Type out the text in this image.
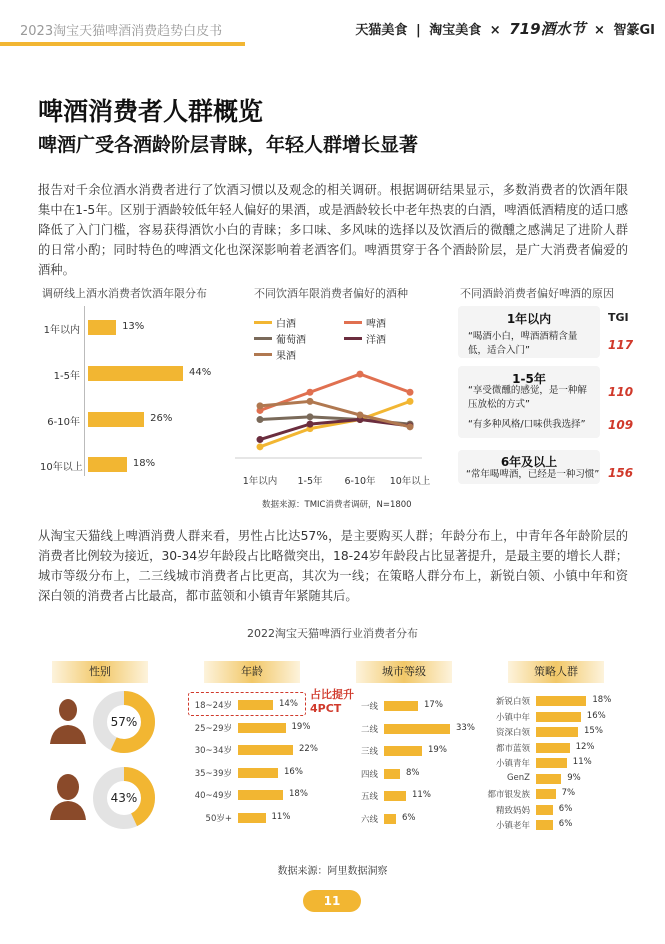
2023淘宝天猫啤酒消费趋势白皮书	天猫美食 | 淘宝美食 × 719酒水节 × 智篆GI
啤酒消费者人群概览
啤酒广受各酒龄阶层青睐，年轻人群增长显著
报告对千余位酒水消费者进行了饮酒习惯以及观念的相关调研。根据调研结果显示，多数消费者的饮酒年限集中在1-5年。区别于酒龄较低年轻人偏好的果酒，或是酒龄较长中老年热衷的白酒，啤酒低酒精度的适口感降低了入门门槛，容易获得酒饮小白的青睐；多口味、多风味的选择以及饮酒后的微醺之感满足了进阶人群的日常小酌；同时特色的啤酒文化也深深影响着老酒客们。啤酒贯穿于各个酒龄阶层，是广大消费者偏爱的酒种。
调研线上酒水消费者饮酒年限分布
1年以内	13%
1-5年	44%
6-10年	26%
10年以上	18%
不同饮酒年限消费者偏好的酒种
白酒	啤酒
葡萄酒	洋酒
果酒
1年以内 1-5年 6-10年 10年以上
数据来源：TMIC消费者调研，N=1800
不同酒龄消费者偏好啤酒的原因
TGI
1年以内
“喝酒小白，啤酒酒精含量低，适合入门”	117
1-5年
“享受微醺的感觉，是一种解压放松的方式”
“有多种风格/口味供我选择”
110
109
6年及以上
“常年喝啤酒，已经是一种习惯” 156
从淘宝天猫线上啤酒消费人群来看，男性占比达57%，是主要购买人群；年龄分布上，中青年各年龄阶层的消费者比例较为接近，30-34岁年龄段占比略微突出，18-24岁年龄段占比显著提升，是最主要的增长人群；城市等级分布上，二三线城市消费者占比更高，其次为一线；在策略人群分布上，新锐白领、小镇中年和资深白领的消费者占比最高，都市蓝领和小镇青年紧随其后。
2022淘宝天猫啤酒行业消费者分布
性别	年龄	城市等级	策略人群
57%
43%
占比提升4PCT
18~24岁	14%
25~29岁	19%
30~34岁	22%
35~39岁	16%
40~49岁	18%
50岁+	11%
一线	17%
二线	33%
三线	19%
四线	8%
五线	11%
六线	6%
新锐白领	18%
小镇中年	16%
资深白领	15%
都市蓝领	12%
小镇青年	11%
GenZ	9%
都市银发族	7%
精致妈妈	6%
小镇老年	6%
数据来源：阿里数据洞察
11
